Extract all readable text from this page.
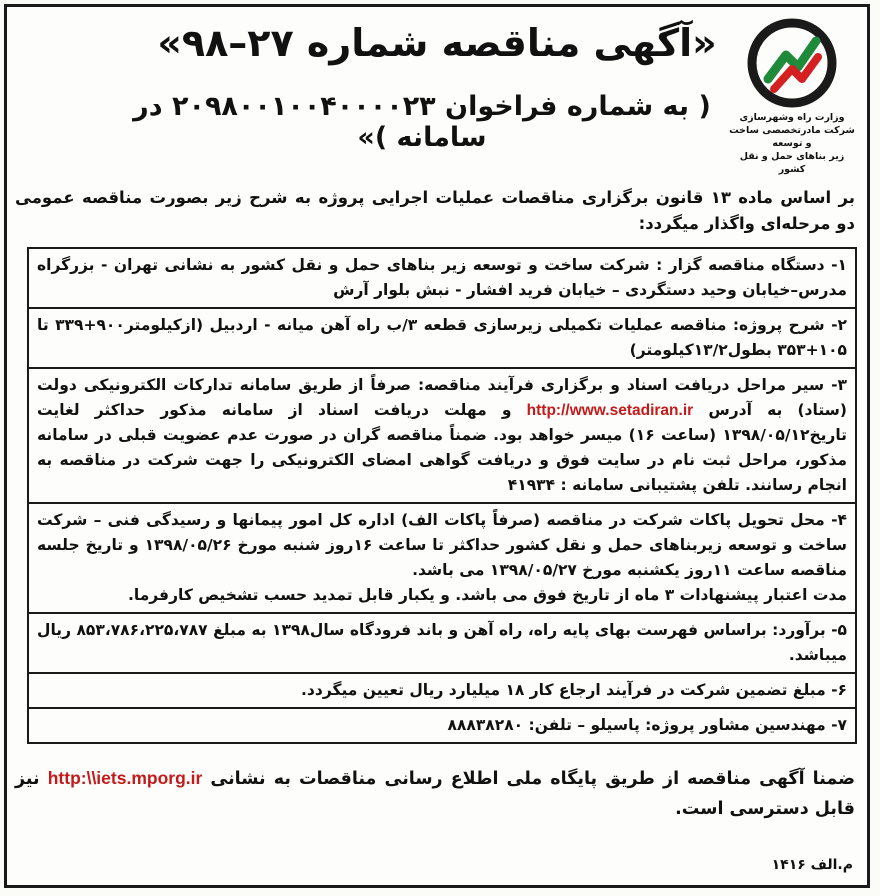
«آگهی مناقصه شماره ۲۷–۹۸»
( به شماره فراخوان ۲۰۹۸۰۰۱۰۰۴۰۰۰۰۲۳ در سامانه )»
وزارت راه وشهرسازی
شرکت مادرتخصصی ساخت و توسعه
زیر بناهای حمل و نقل کشور
بر اساس ماده ۱۳ قانون برگزاری مناقصات عملیات اجرایی پروژه به شرح زیر بصورت مناقصه عمومی دو مرحله‌ای واگذار میگردد:
۱- دستگاه مناقصه گزار : شرکت ساخت و توسعه زیر بناهای حمل و نقل کشور به نشانی تهران - بزرگراه مدرس–خیابان وحید دستگردی – خیابان فرید افشار - نبش بلوار آرش
۲- شرح پروژه: مناقصه عملیات تکمیلی زیرسازی قطعه ۳/ب راه آهن میانه - اردبیل (ازکیلومتر۹۰۰+۳۳۹ تا ۱۰۵+۳۵۳ بطول۱۳/۲کیلومتر)
۳- سیر مراحل دریافت اسناد و برگزاری فرآیند مناقصه: صرفاً از طریق سامانه تدارکات الکترونیکی دولت (ستاد) به آدرس http://www.setadiran.ir و مهلت دریافت اسناد از سامانه مذکور حداکثر لغایت تاریخ۱۳۹۸/۰۵/۱۲ (ساعت ۱۶) میسر خواهد بود. ضمناً مناقصه گران در صورت عدم عضویت قبلی در سامانه مذکور، مراحل ثبت نام در سایت فوق و دریافت گواهی امضای الکترونیکی را جهت شرکت در مناقصه به انجام رسانند. تلفن پشتیبانی سامانه : ۴۱۹۳۴
۴- محل تحویل پاکات شرکت در مناقصه (صرفاً پاکات الف) اداره کل امور پیمانها و رسیدگی فنی – شرکت ساخت و توسعه زیربناهای حمل و نقل کشور حداکثر تا ساعت ۱۶روز شنبه مورخ ۱۳۹۸/۰۵/۲۶ و تاریخ جلسه مناقصه ساعت ۱۱روز یکشنبه مورخ ۱۳۹۸/۰۵/۲۷ می باشد.
مدت اعتبار پیشنهادات ۳ ماه از تاریخ فوق می باشد. و یکبار قابل تمدید حسب تشخیص کارفرما.
۵- برآورد: براساس فهرست بهای پایه راه، راه آهن و باند فرودگاه سال۱۳۹۸ به مبلغ ۸۵۳،۷۸۶،۲۲۵،۷۸۷ ریال میباشد.
۶- مبلغ تضمین شرکت در فرآیند ارجاع کار ۱۸ میلیارد ریال تعیین میگردد.
۷- مهندسین مشاور پروژه: پاسیلو – تلفن: ۸۸۸۳۸۲۸۰
ضمنا آگهی مناقصه از طریق پایگاه ملی اطلاع رسانی مناقصات به نشانی http:\\iets.mporg.ir نیز قابل دسترسی است.
م.الف ۱۴۱۶
